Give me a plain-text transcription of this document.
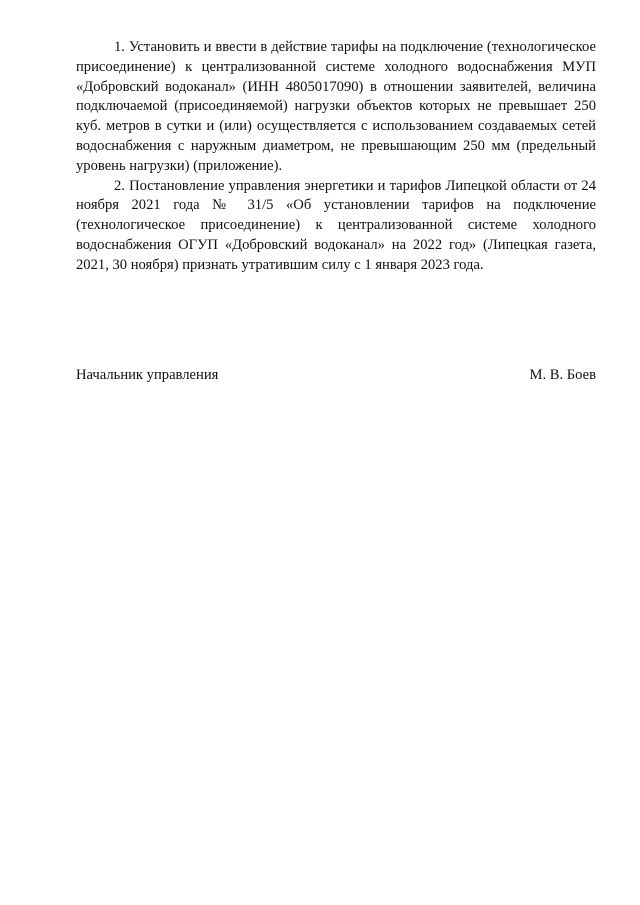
1. Установить и ввести в действие тарифы на подключение (технологическое присоединение) к централизованной системе холодного водоснабжения МУП «Добровский водоканал» (ИНН 4805017090) в отношении заявителей, величина подключаемой (присоединяемой) нагрузки объектов которых не превышает 250 куб. метров в сутки и (или) осуществляется с использованием создаваемых сетей водоснабжения с наружным диаметром, не превышающим 250 мм (предельный уровень нагрузки) (приложение).

2. Постановление управления энергетики и тарифов Липецкой области от 24 ноября 2021 года № 31/5 «Об установлении тарифов на подключение (технологическое присоединение) к централизованной системе холодного водоснабжения ОГУП «Добровский водоканал» на 2022 год» (Липецкая газета, 2021, 30 ноября) признать утратившим силу с 1 января 2023 года.

Начальник управления	М. В. Боев
